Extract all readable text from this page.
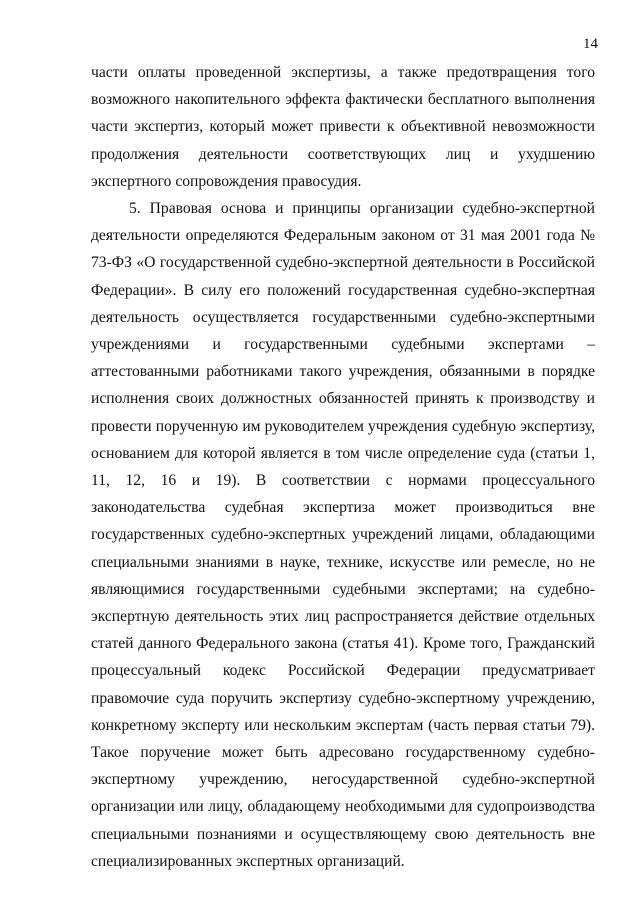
14

части оплаты проведенной экспертизы, а также предотвращения того возможного накопительного эффекта фактически бесплатного выполнения части экспертиз, который может привести к объективной невозможности продолжения деятельности соответствующих лиц и ухудшению экспертного сопровождения правосудия.

5. Правовая основа и принципы организации судебно-экспертной деятельности определяются Федеральным законом от 31 мая 2001 года № 73-ФЗ «О государственной судебно-экспертной деятельности в Российской Федерации». В силу его положений государственная судебно-экспертная деятельность осуществляется государственными судебно-экспертными учреждениями и государственными судебными экспертами – аттестованными работниками такого учреждения, обязанными в порядке исполнения своих должностных обязанностей принять к производству и провести порученную им руководителем учреждения судебную экспертизу, основанием для которой является в том числе определение суда (статьи 1, 11, 12, 16 и 19). В соответствии с нормами процессуального законодательства судебная экспертиза может производиться вне государственных судебно-экспертных учреждений лицами, обладающими специальными знаниями в науке, технике, искусстве или ремесле, но не являющимися государственными судебными экспертами; на судебно-экспертную деятельность этих лиц распространяется действие отдельных статей данного Федерального закона (статья 41). Кроме того, Гражданский процессуальный кодекс Российской Федерации предусматривает правомочие суда поручить экспертизу судебно-экспертному учреждению, конкретному эксперту или нескольким экспертам (часть первая статьи 79). Такое поручение может быть адресовано государственному судебно-экспертному учреждению, негосударственной судебно-экспертной организации или лицу, обладающему необходимыми для судопроизводства специальными познаниями и осуществляющему свою деятельность вне специализированных экспертных организаций.
